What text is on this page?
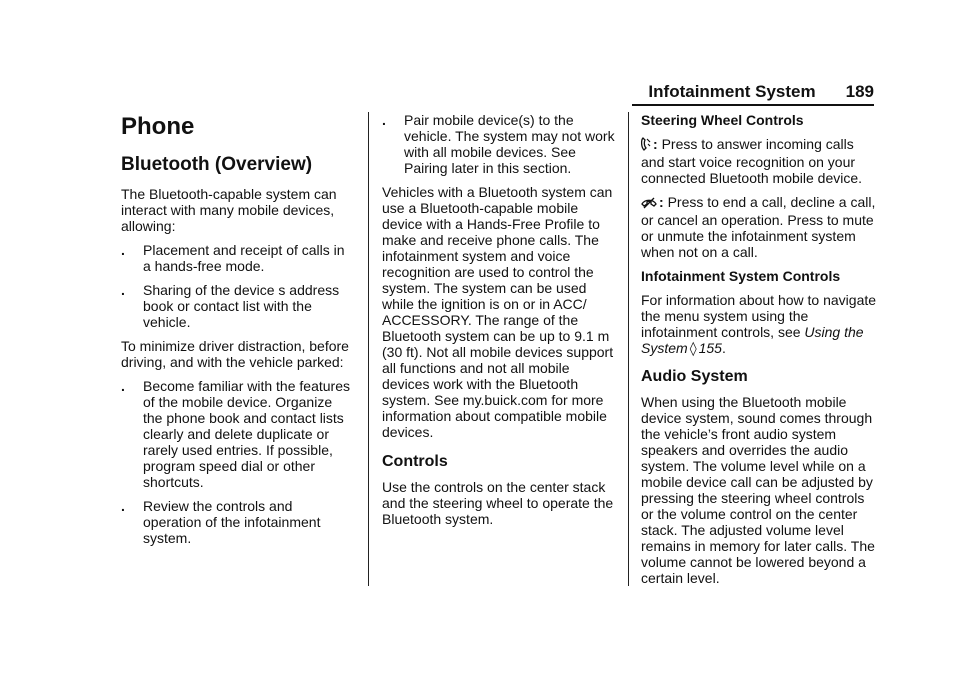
Infotainment System 189
Phone
Bluetooth (Overview)

The Bluetooth-capable system can interact with many mobile devices, allowing:

. Placement and receipt of calls in a hands-free mode.
. Sharing of the device s address book or contact list with the vehicle.

To minimize driver distraction, before driving, and with the vehicle parked:

. Become familiar with the features of the mobile device. Organize the phone book and contact lists clearly and delete duplicate or rarely used entries. If possible, program speed dial or other shortcuts.
. Review the controls and operation of the infotainment system.
. Pair mobile device(s) to the vehicle. The system may not work with all mobile devices. See Pairing later in this section.

Vehicles with a Bluetooth system can use a Bluetooth-capable mobile device with a Hands-Free Profile to make and receive phone calls. The infotainment system and voice recognition are used to control the system. The system can be used while the ignition is on or in ACC/ ACCESSORY. The range of the Bluetooth system can be up to 9.1 m (30 ft). Not all mobile devices support all functions and not all mobile devices work with the Bluetooth system. See my.buick.com for more information about compatible mobile devices.

Controls

Use the controls on the center stack and the steering wheel to operate the Bluetooth system.

Steering Wheel Controls

: Press to answer incoming calls and start voice recognition on your connected Bluetooth mobile device.

: Press to end a call, decline a call, or cancel an operation. Press to mute or unmute the infotainment system when not on a call.

Infotainment System Controls

For information about how to navigate the menu system using the infotainment controls, see Using the System ◊ 155.

Audio System

When using the Bluetooth mobile device system, sound comes through the vehicle’s front audio system speakers and overrides the audio system. The volume level while on a mobile device call can be adjusted by pressing the steering wheel controls or the volume control on the center stack. The adjusted volume level remains in memory for later calls. The volume cannot be lowered beyond a certain level.
